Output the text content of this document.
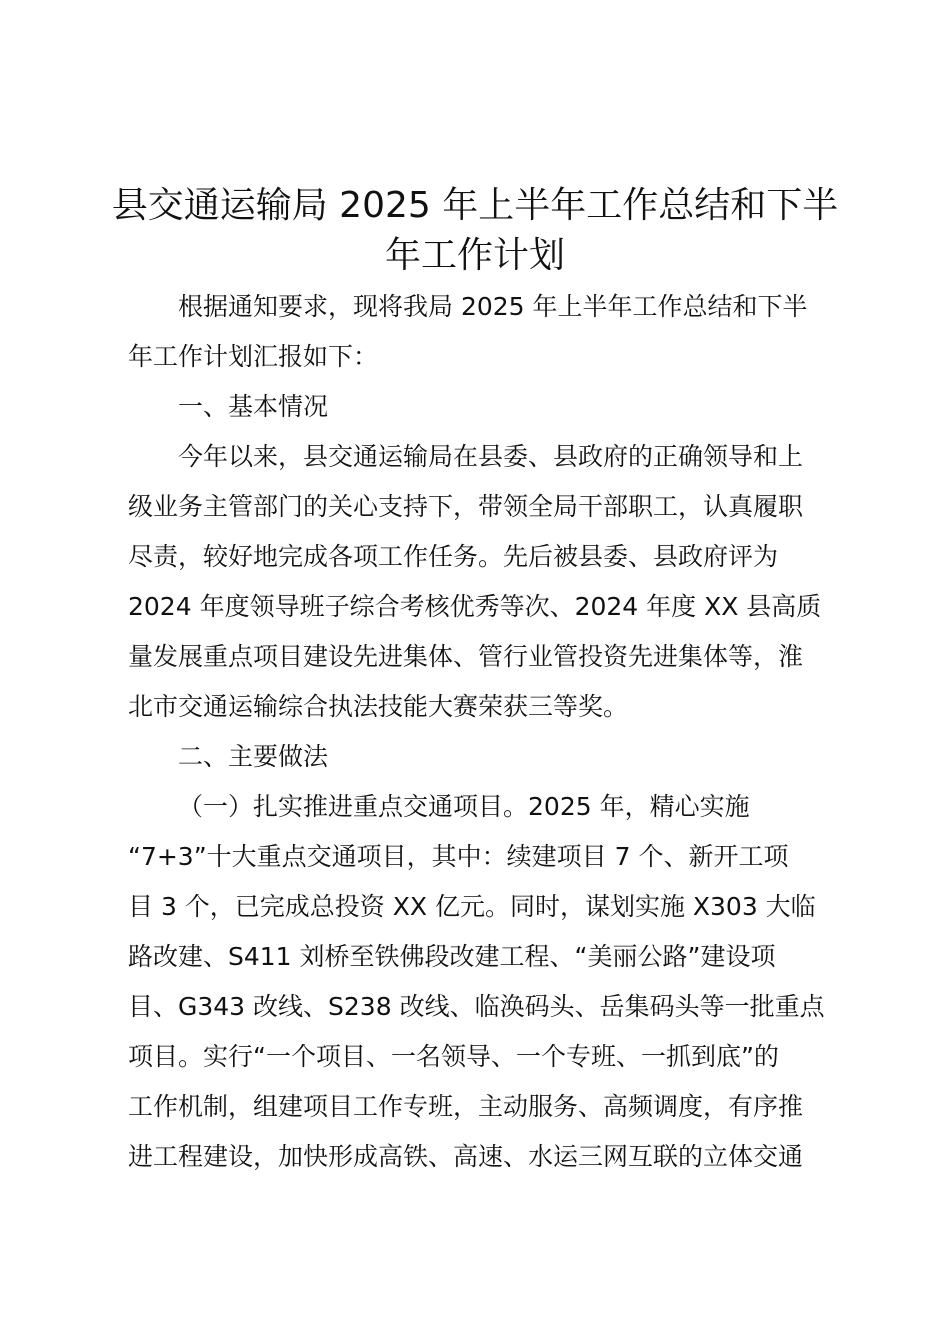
县交通运输局 2025 年上半年工作总结和下半
年工作计划
根据通知要求，现将我局 2025 年上半年工作总结和下半
年工作计划汇报如下：
一、基本情况
今年以来，县交通运输局在县委、县政府的正确领导和上
级业务主管部门的关心支持下，带领全局干部职工，认真履职
尽责，较好地完成各项工作任务。先后被县委、县政府评为
2024 年度领导班子综合考核优秀等次、2024 年度 XX 县高质
量发展重点项目建设先进集体、管行业管投资先进集体等，淮
北市交通运输综合执法技能大赛荣获三等奖。
二、主要做法
（一）扎实推进重点交通项目。2025 年，精心实施
“7+3”十大重点交通项目，其中：续建项目 7 个、新开工项
目 3 个，已完成总投资 XX 亿元。同时，谋划实施 X303 大临
路改建、S411 刘桥至铁佛段改建工程、“美丽公路”建设项
目、G343 改线、S238 改线、临涣码头、岳集码头等一批重点
项目。实行“一个项目、一名领导、一个专班、一抓到底”的
工作机制，组建项目工作专班，主动服务、高频调度，有序推
进工程建设，加快形成高铁、高速、水运三网互联的立体交通
